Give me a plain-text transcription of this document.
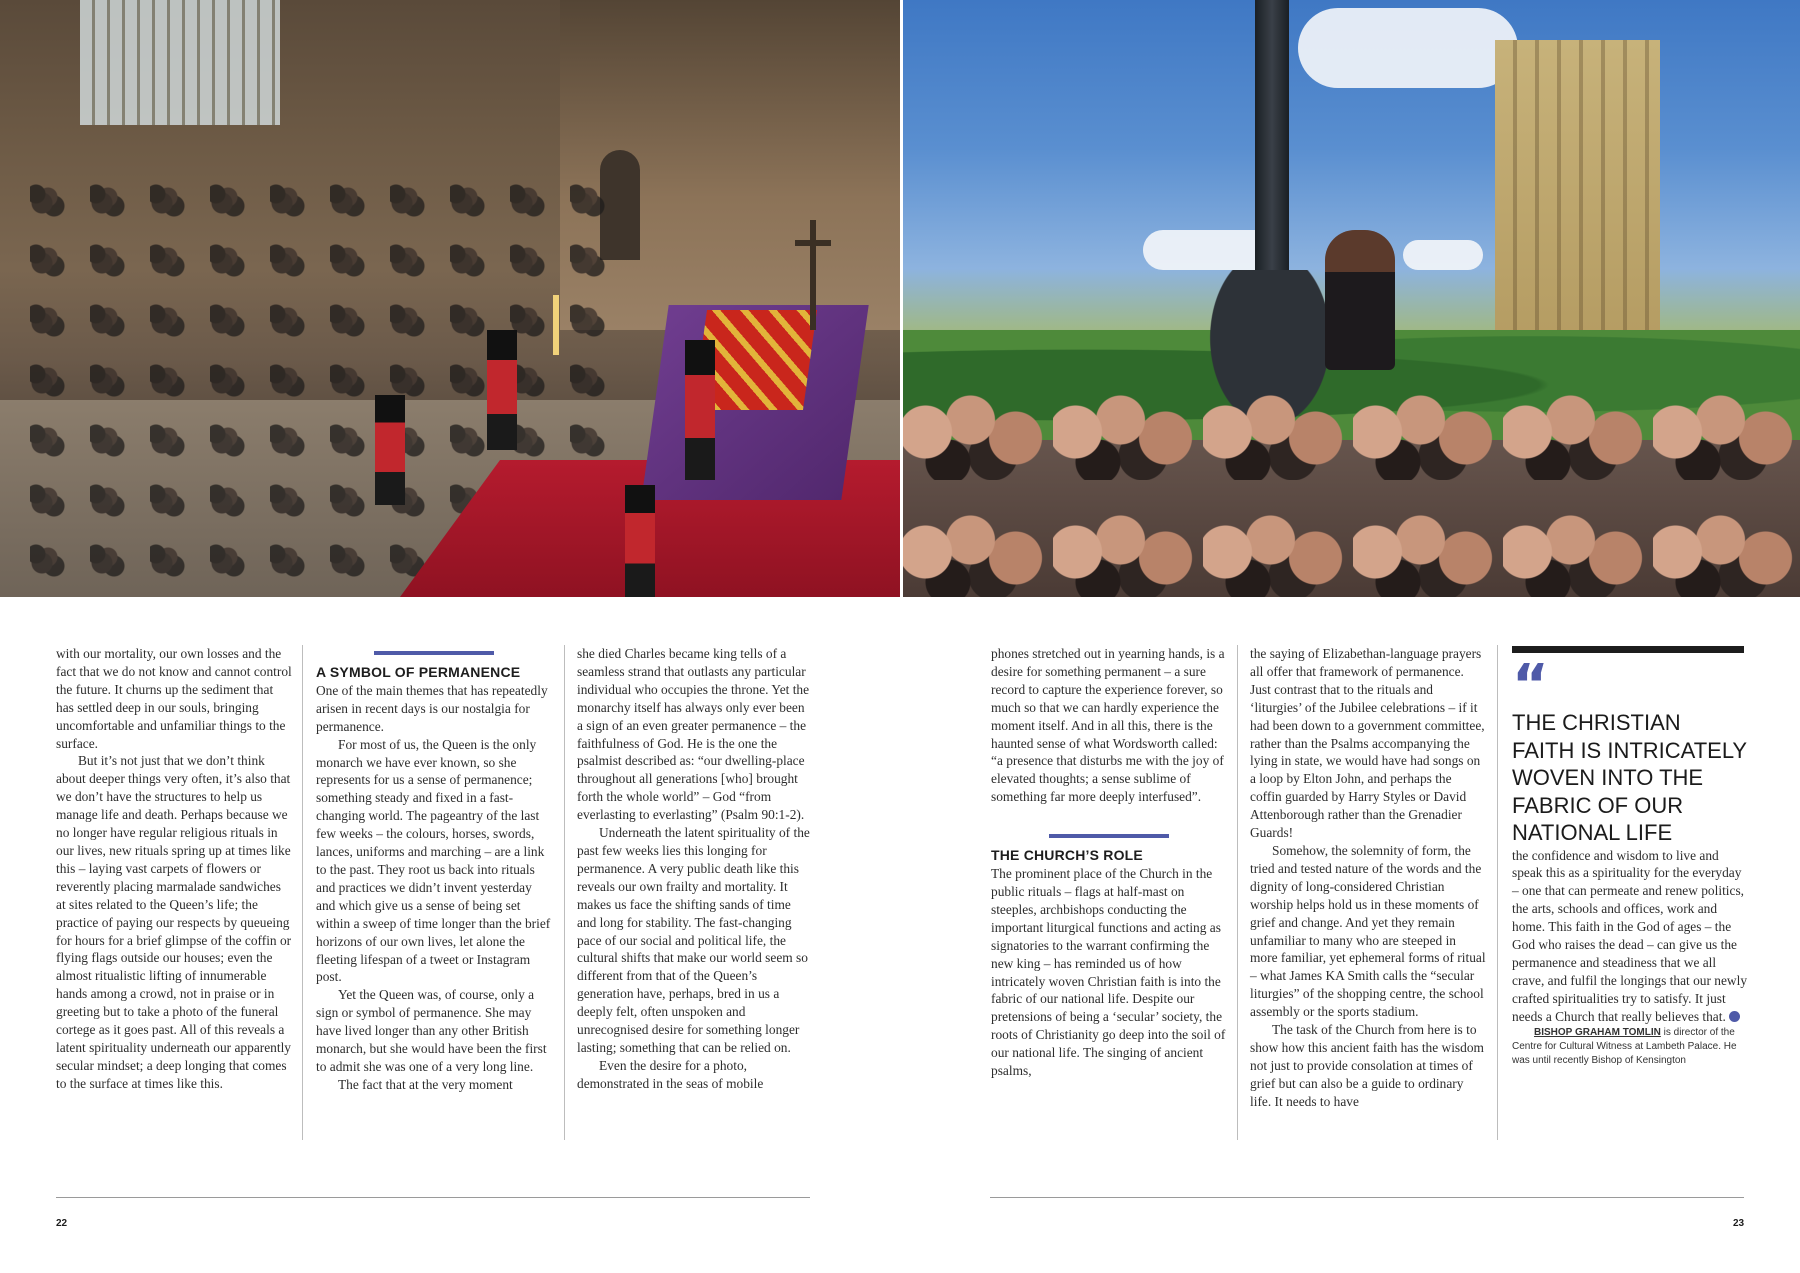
with our mortality, our own losses and the fact that we do not know and cannot control the future. It churns up the sediment that has settled deep in our souls, bringing uncomfortable and unfamiliar things to the surface.

But it’s not just that we don’t think about deeper things very often, it’s also that we don’t have the structures to help us manage life and death. Perhaps because we no longer have regular religious rituals in our lives, new rituals spring up at times like this – laying vast carpets of flowers or reverently placing marmalade sandwiches at sites related to the Queen’s life; the practice of paying our respects by queueing for hours for a brief glimpse of the coffin or flying flags outside our houses; even the almost ritualistic lifting of innumerable hands among a crowd, not in praise or in greeting but to take a photo of the funeral cortege as it goes past. All of this reveals a latent spirituality underneath our apparently secular mindset; a deep longing that comes to the surface at times like this.

A SYMBOL OF PERMANENCE

One of the main themes that has repeatedly arisen in recent days is our nostalgia for permanence.

For most of us, the Queen is the only monarch we have ever known, so she represents for us a sense of permanence; something steady and fixed in a fast-changing world. The pageantry of the last few weeks – the colours, horses, swords, lances, uniforms and marching – are a link to the past. They root us back into rituals and practices we didn’t invent yesterday and which give us a sense of being set within a sweep of time longer than the brief horizons of our own lives, let alone the fleeting lifespan of a tweet or Instagram post.

Yet the Queen was, of course, only a sign or symbol of permanence. She may have lived longer than any other British monarch, but she would have been the first to admit she was one of a very long line.

The fact that at the very moment

she died Charles became king tells of a seamless strand that outlasts any particular individual who occupies the throne. Yet the monarchy itself has always only ever been a sign of an even greater permanence – the faithfulness of God. He is the one the psalmist described as: “our dwelling-place throughout all generations [who] brought forth the whole world” – God “from everlasting to everlasting” (Psalm 90:1-2).

Underneath the latent spirituality of the past few weeks lies this longing for permanence. A very public death like this reveals our own frailty and mortality. It makes us face the shifting sands of time and long for stability. The fast-changing pace of our social and political life, the cultural shifts that make our world seem so different from that of the Queen’s generation have, perhaps, bred in us a deeply felt, often unspoken and unrecognised desire for something longer lasting; something that can be relied on.

Even the desire for a photo, demonstrated in the seas of mobile

phones stretched out in yearning hands, is a desire for something permanent – a sure record to capture the experience forever, so much so that we can hardly experience the moment itself. And in all this, there is the haunted sense of what Wordsworth called: “a presence that disturbs me with the joy of elevated thoughts; a sense sublime of something far more deeply interfused”.

THE CHURCH’S ROLE

The prominent place of the Church in the public rituals – flags at half-mast on steeples, archbishops conducting the important liturgical functions and acting as signatories to the warrant confirming the new king – has reminded us of how intricately woven Christian faith is into the fabric of our national life. Despite our pretensions of being a ‘secular’ society, the roots of Christianity go deep into the soil of our national life. The singing of ancient psalms,

the saying of Elizabethan-language prayers all offer that framework of permanence. Just contrast that to the rituals and ‘liturgies’ of the Jubilee celebrations – if it had been down to a government committee, rather than the Psalms accompanying the lying in state, we would have had songs on a loop by Elton John, and perhaps the coffin guarded by Harry Styles or David Attenborough rather than the Grenadier Guards!

Somehow, the solemnity of form, the tried and tested nature of the words and the dignity of long-considered Christian worship helps hold us in these moments of grief and change. And yet they remain unfamiliar to many who are steeped in more familiar, yet ephemeral forms of ritual – what James KA Smith calls the “secular liturgies” of the shopping centre, the school assembly or the sports stadium.

The task of the Church from here is to show how this ancient faith has the wisdom not just to provide consolation at times of grief but can also be a guide to ordinary life. It needs to have

“

THE CHRISTIAN FAITH IS INTRICATELY WOVEN INTO THE FABRIC OF OUR NATIONAL LIFE

the confidence and wisdom to live and speak this as a spirituality for the everyday – one that can permeate and renew politics, the arts, schools and offices, work and home. This faith in the God of ages – the God who raises the dead – can give us the permanence and steadiness that we all crave, and fulfil the longings that our newly crafted spiritualities try to satisfy. It just needs a Church that really believes that.

BISHOP GRAHAM TOMLIN is director of the Centre for Cultural Witness at Lambeth Palace. He was until recently Bishop of Kensington

22	23
